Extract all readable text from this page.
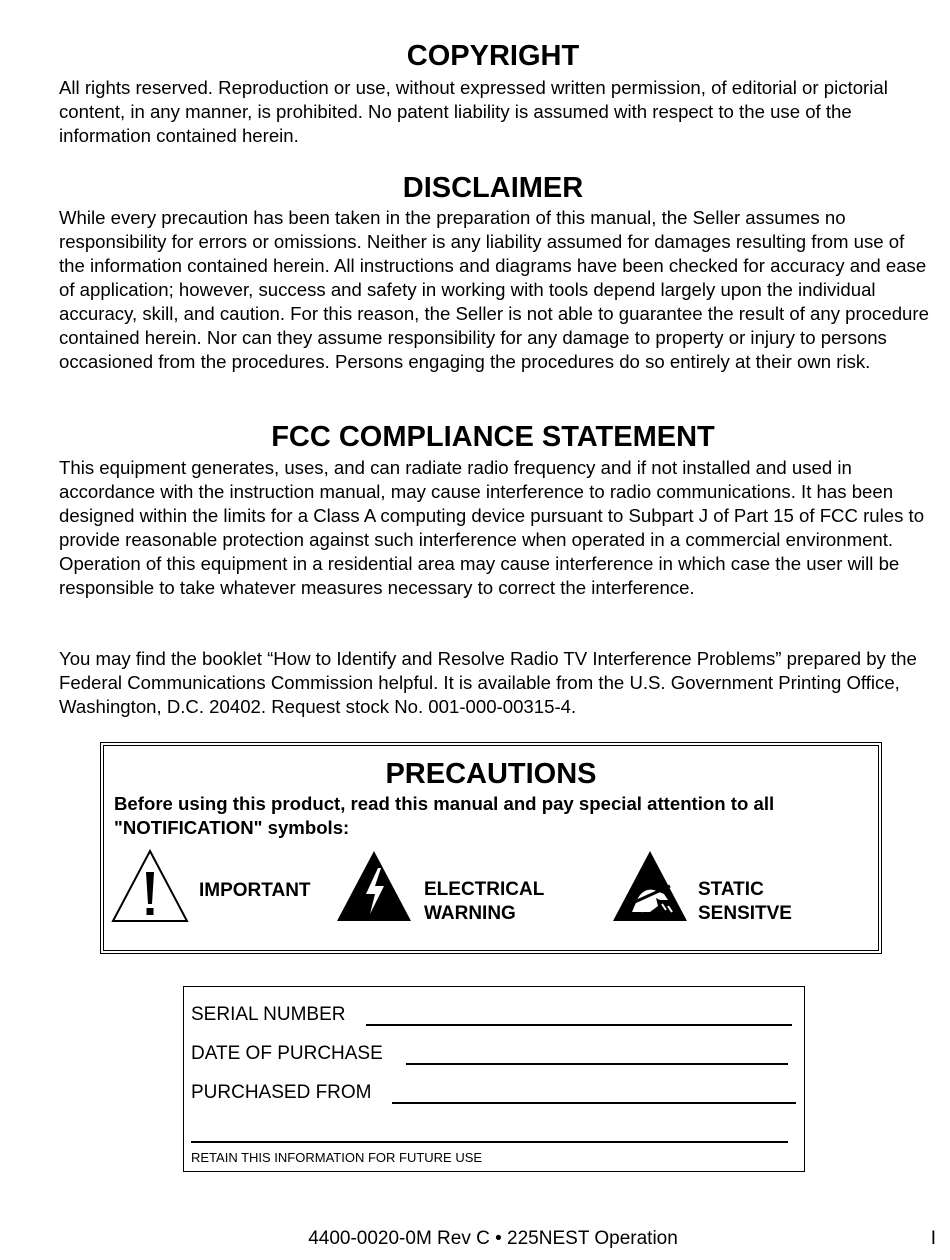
COPYRIGHT

All rights reserved. Reproduction or use, without expressed written permission, of editorial or pictorial content, in any manner, is prohibited. No patent liability is assumed with respect to the use of the information contained herein.

DISCLAIMER

While every precaution has been taken in the preparation of this manual, the Seller assumes no responsibility for errors or omissions. Neither is any liability assumed for damages resulting from use of the information contained herein. All instructions and diagrams have been checked for accuracy and ease of application; however, success and safety in working with tools depend largely upon the individual accuracy, skill, and caution. For this reason, the Seller is not able to guarantee the result of any procedure contained herein. Nor can they assume responsibility for any damage to property or injury to persons occasioned from the procedures. Persons engaging the procedures do so entirely at their own risk.

FCC COMPLIANCE STATEMENT

This equipment generates, uses, and can radiate radio frequency and if not installed and used in accordance with the instruction manual, may cause interference to radio communications. It has been designed within the limits for a Class A computing device pursuant to Subpart J of Part 15 of FCC rules to provide reasonable protection against such interference when operated in a commercial environment. Operation of this equipment in a residential area may cause interference in which case the user will be responsible to take whatever measures necessary to correct the interference.

You may find the booklet “How to Identify and Resolve Radio TV Interference Problems” prepared by the Federal Communications Commission helpful. It is available from the U.S. Government Printing Office, Washington, D.C. 20402. Request stock No. 001-000-00315-4.

PRECAUTIONS
Before using this product, read this manual and pay special attention to all "NOTIFICATION" symbols:
IMPORTANT	ELECTRICAL
WARNING
STATIC
SENSITVE
SERIAL NUMBER
DATE OF PURCHASE
PURCHASED FROM
RETAIN THIS INFORMATION FOR FUTURE USE
4400-0020-0M Rev C • 225NEST Operation	I
